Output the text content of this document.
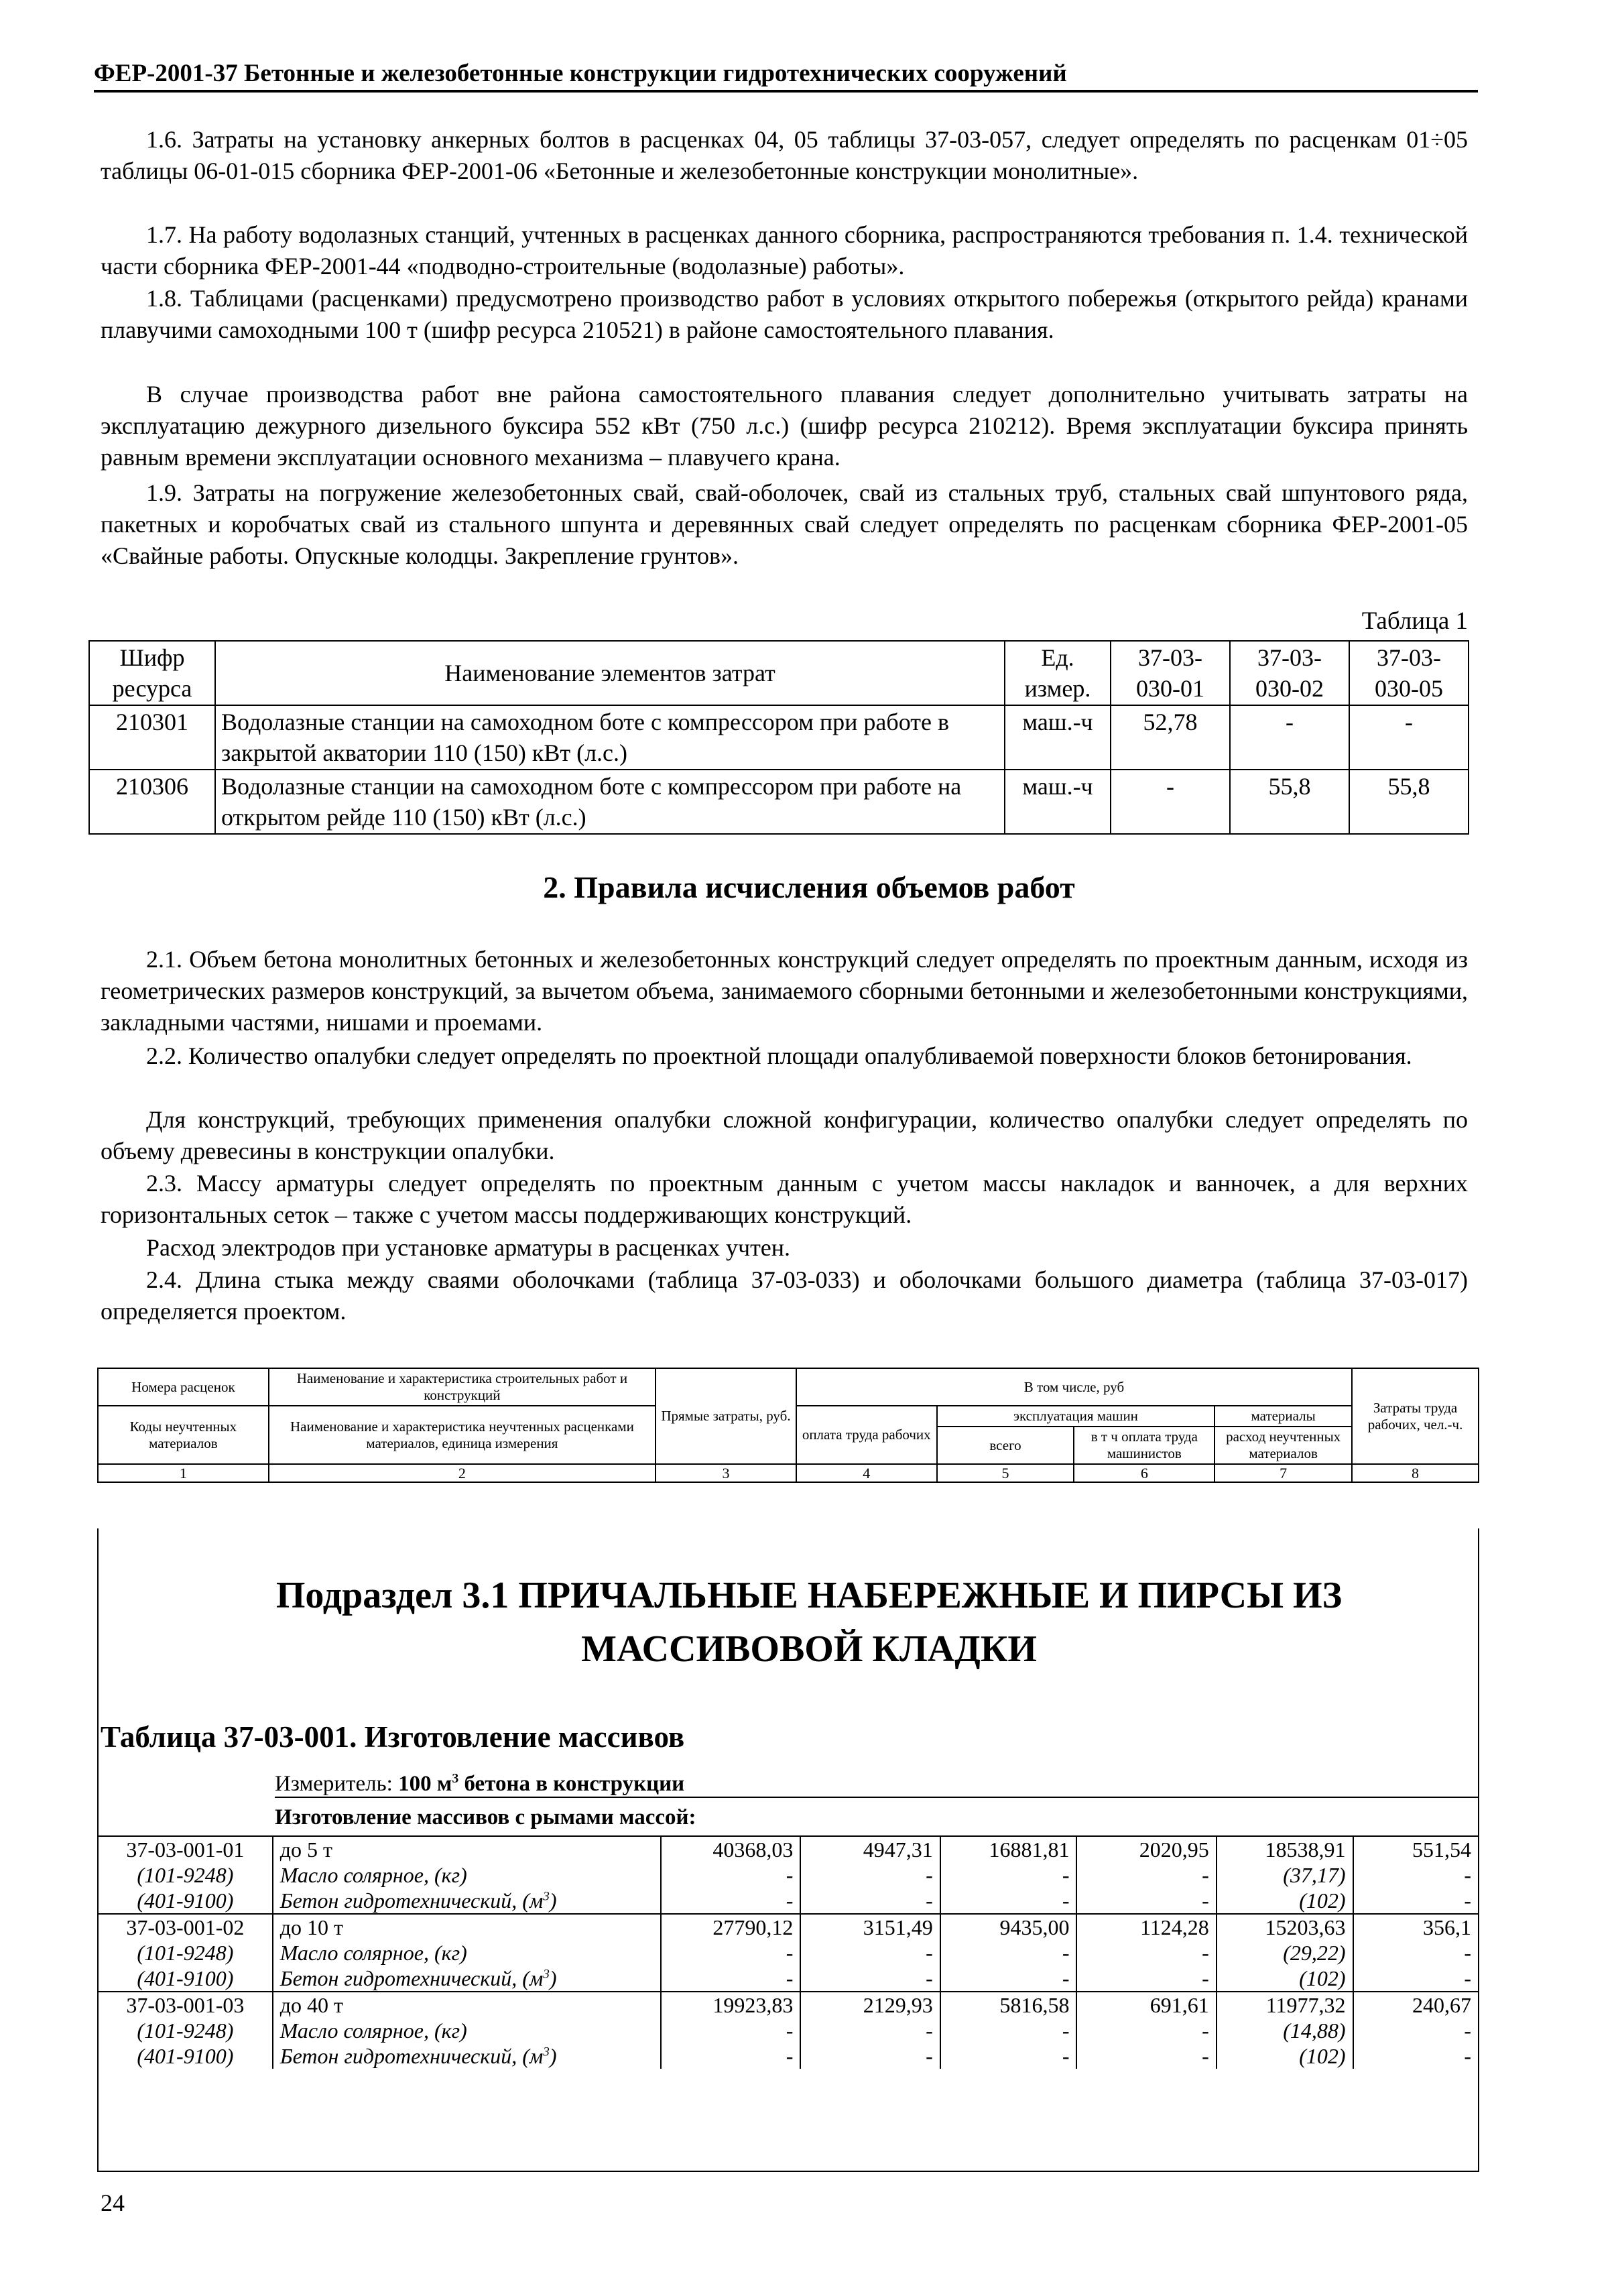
ФЕР-2001-37 Бетонные и железобетонные конструкции гидротехнических сооружений

1.6. Затраты на установку анкерных болтов в расценках 04, 05 таблицы 37-03-057, следует определять по расценкам 01÷05 таблицы 06-01-015 сборника ФЕР-2001-06 «Бетонные и железобетонные конструкции монолитные».

1.7. На работу водолазных станций, учтенных в расценках данного сборника, распространяются требования п. 1.4. технической части сборника ФЕР-2001-44 «подводно-строительные (водолазные) работы».

1.8. Таблицами (расценками) предусмотрено производство работ в условиях открытого побережья (открытого рейда) кранами плавучими самоходными 100 т (шифр ресурса 210521) в районе самостоятельного плавания.

В случае производства работ вне района самостоятельного плавания следует дополнительно учитывать затраты на эксплуатацию дежурного дизельного буксира 552 кВт (750 л.с.) (шифр ресурса 210212). Время эксплуатации буксира принять равным времени эксплуатации основного механизма – плавучего крана.

1.9. Затраты на погружение железобетонных свай, свай-оболочек, свай из стальных труб, стальных свай шпунтового ряда, пакетных и коробчатых свай из стального шпунта и деревянных свай следует определять по расценкам сборника ФЕР-2001-05 «Свайные работы. Опускные колодцы. Закрепление грунтов».

Таблица 1
Шифр ресурса	Наименование элементов затрат	Ед. измер.	37-03-030-01	37-03-030-02	37-03-030-05
210301	Водолазные станции на самоходном боте с компрессором при работе в закрытой акватории 110 (150) кВт (л.с.)	маш.-ч	52,78	-	-
210306	Водолазные станции на самоходном боте с компрессором при работе на открытом рейде 110 (150) кВт (л.с.)	маш.-ч	-	55,8	55,8
2. Правила исчисления объемов работ

2.1. Объем бетона монолитных бетонных и железобетонных конструкций следует определять по проектным данным, исходя из геометрических размеров конструкций, за вычетом объема, занимаемого сборными бетонными и железобетонными конструкциями, закладными частями, нишами и проемами.

2.2. Количество опалубки следует определять по проектной площади опалубливаемой поверхности блоков бетонирования.

Для конструкций, требующих применения опалубки сложной конфигурации, количество опалубки следует определять по объему древесины в конструкции опалубки.

2.3. Массу арматуры следует определять по проектным данным с учетом массы накладок и ванночек, а для верхних горизонтальных сеток – также с учетом массы поддерживающих конструкций.

Расход электродов при установке арматуры в расценках учтен.

2.4. Длина стыка между сваями оболочками (таблица 37-03-033) и оболочками большого диаметра (таблица 37-03-017) определяется проектом.

Номера расценок	Наименование и характеристика строительных работ и конструкций	Прямые затраты, руб.	В том числе, руб				Затраты труда рабочих, чел.-ч.
Коды неучтенных материалов	Наименование и характеристика неучтенных расценками материалов, единица измерения		оплата труда рабочих	эксплуатация машин		материалы	
				всего	в т ч оплата труда машинистов	расход неучтенных материалов	
1	2	3	4	5	6	7	8
Подраздел 3.1 ПРИЧАЛЬНЫЕ НАБЕРЕЖНЫЕ И ПИРСЫ ИЗ МАССИВОВОЙ КЛАДКИ
Таблица 37-03-001. Изготовление массивов
Измеритель: 100 $м^3$ бетона в конструкции
Изготовление массивов с рымами массой:
37-03-001-01	до 5 т	40368,03	4947,31	16881,81	2020,95	18538,91	551,54
(101-9248)	Масло солярное, (кг)	-	-	-	-	(37,17)	-
(401-9100)	Бетон гидротехнический, $(м^3)$	-	-	-	-	(102)	-
37-03-001-02	до 10 т	27790,12	3151,49	9435,00	1124,28	15203,63	356,1
(101-9248)	Масло солярное, (кг)	-	-	-	-	(29,22)	-
(401-9100)	Бетон гидротехнический, $(м^3)$	-	-	-	-	(102)	-
37-03-001-03	до 40 т	19923,83	2129,93	5816,58	691,61	11977,32	240,67
(101-9248)	Масло солярное, (кг)	-	-	-	-	(14,88)	-
(401-9100)	Бетон гидротехнический, $(м^3)$	-	-	-	-	(102)	-
24
